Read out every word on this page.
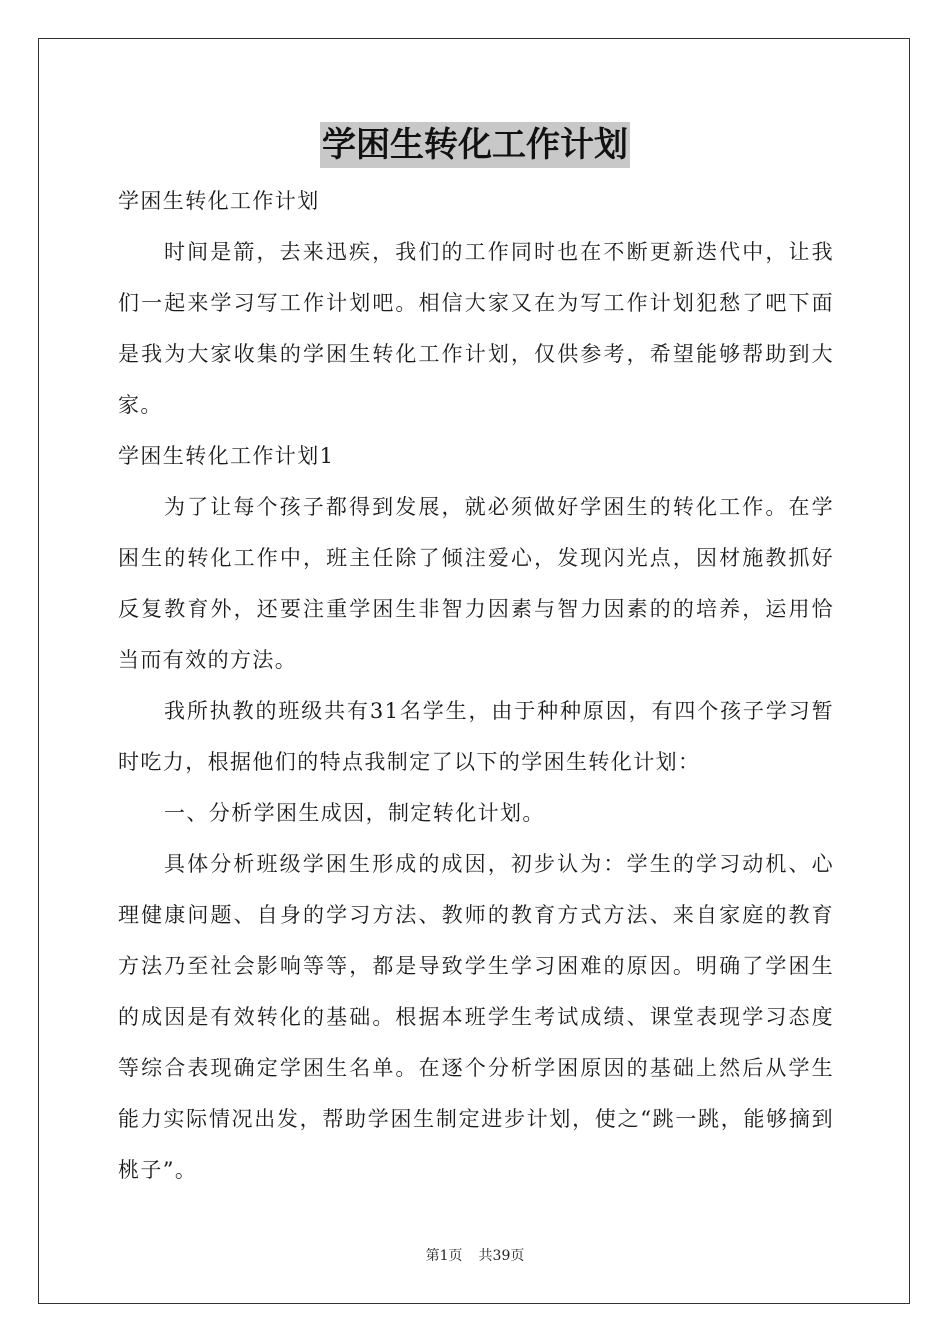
学困生转化工作计划

学困生转化工作计划

时间是箭，去来迅疾，我们的工作同时也在不断更新迭代中，让我们一起来学习写工作计划吧。相信大家又在为写工作计划犯愁了吧下面是我为大家收集的学困生转化工作计划，仅供参考，希望能够帮助到大家。

学困生转化工作计划1

为了让每个孩子都得到发展，就必须做好学困生的转化工作。在学困生的转化工作中，班主任除了倾注爱心，发现闪光点，因材施教抓好反复教育外，还要注重学困生非智力因素与智力因素的的培养，运用恰当而有效的方法。

我所执教的班级共有31名学生，由于种种原因，有四个孩子学习暂时吃力，根据他们的特点我制定了以下的学困生转化计划：

一、分析学困生成因，制定转化计划。

具体分析班级学困生形成的成因，初步认为：学生的学习动机、心理健康问题、自身的学习方法、教师的教育方式方法、来自家庭的教育方法乃至社会影响等等，都是导致学生学习困难的原因。明确了学困生的成因是有效转化的基础。根据本班学生考试成绩、课堂表现学习态度等综合表现确定学困生名单。在逐个分析学困原因的基础上然后从学生能力实际情况出发，帮助学困生制定进步计划，使之“跳一跳，能够摘到桃子”。

第1页 共39页
